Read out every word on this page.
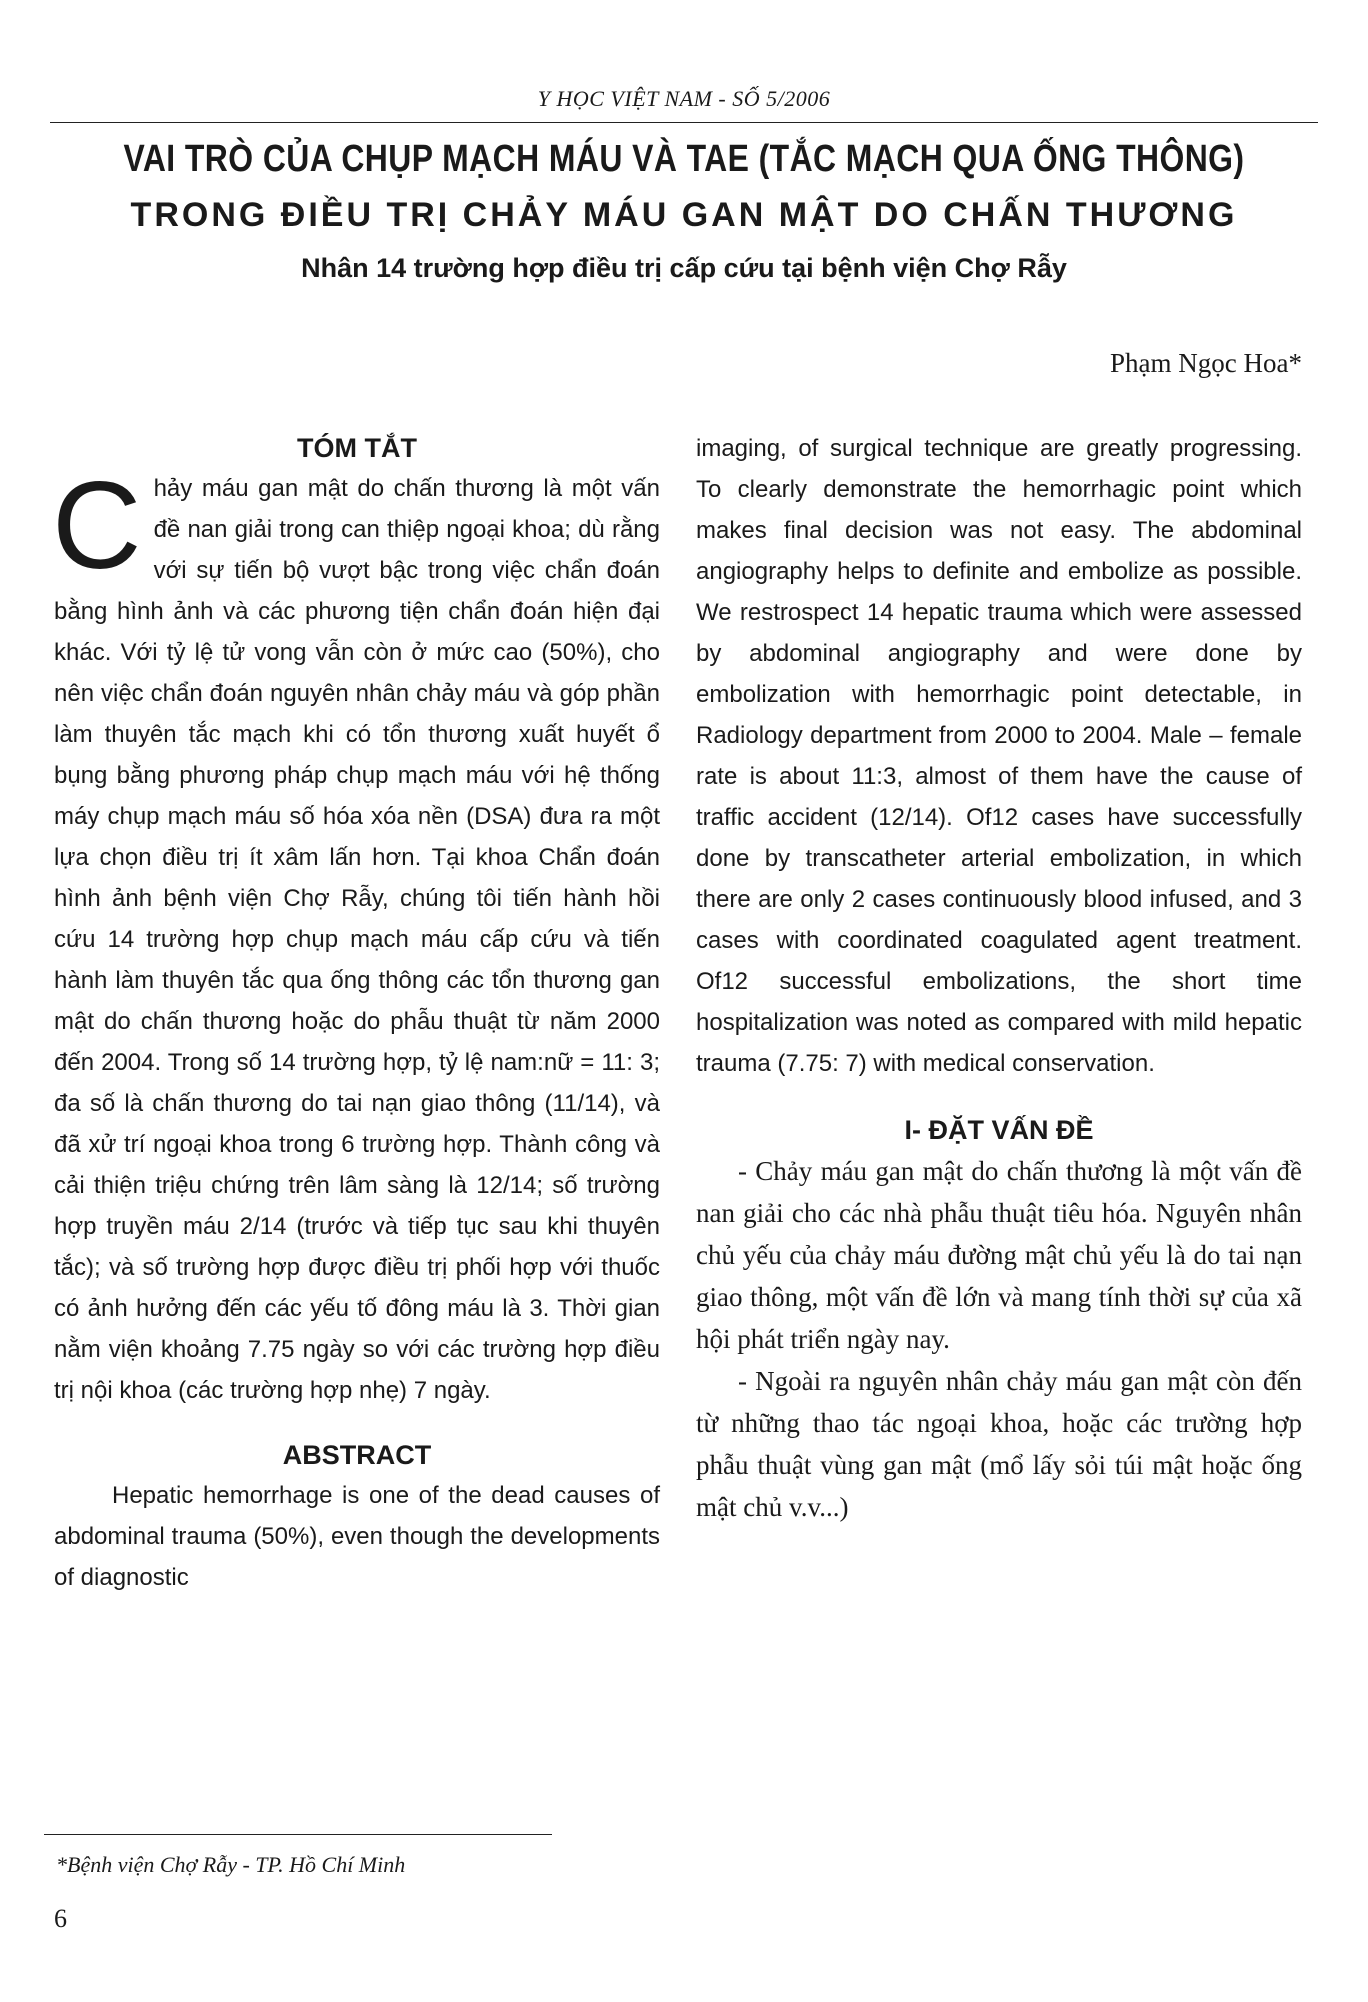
Y HỌC VIỆT NAM - SỐ 5/2006
VAI TRÒ CỦA CHỤP MẠCH MÁU VÀ TAE (TẮC MẠCH QUA ỐNG THÔNG)
TRONG ĐIỀU TRỊ CHẢY MÁU GAN MẬT DO CHẤN THƯƠNG
Nhân 14 trường hợp điều trị cấp cứu tại bệnh viện Chợ Rẫy
Phạm Ngọc Hoa*
TÓM TẮT

Chảy máu gan mật do chấn thương là một vấn đề nan giải trong can thiệp ngoại khoa; dù rằng với sự tiến bộ vượt bậc trong việc chẩn đoán bằng hình ảnh và các phương tiện chẩn đoán hiện đại khác. Với tỷ lệ tử vong vẫn còn ở mức cao (50%), cho nên việc chẩn đoán nguyên nhân chảy máu và góp phần làm thuyên tắc mạch khi có tổn thương xuất huyết ổ bụng bằng phương pháp chụp mạch máu với hệ thống máy chụp mạch máu số hóa xóa nền (DSA) đưa ra một lựa chọn điều trị ít xâm lấn hơn. Tại khoa Chẩn đoán hình ảnh bệnh viện Chợ Rẫy, chúng tôi tiến hành hồi cứu 14 trường hợp chụp mạch máu cấp cứu và tiến hành làm thuyên tắc qua ống thông các tổn thương gan mật do chấn thương hoặc do phẫu thuật từ năm 2000 đến 2004. Trong số 14 trường hợp, tỷ lệ nam:nữ = 11: 3; đa số là chấn thương do tai nạn giao thông (11/14), và đã xử trí ngoại khoa trong 6 trường hợp. Thành công và cải thiện triệu chứng trên lâm sàng là 12/14; số trường hợp truyền máu 2/14 (trước và tiếp tục sau khi thuyên tắc); và số trường hợp được điều trị phối hợp với thuốc có ảnh hưởng đến các yếu tố đông máu là 3. Thời gian nằm viện khoảng 7.75 ngày so với các trường hợp điều trị nội khoa (các trường hợp nhẹ) 7 ngày.

ABSTRACT

Hepatic hemorrhage is one of the dead causes of abdominal trauma (50%), even though the developments of diagnostic

imaging, of surgical technique are greatly progressing. To clearly demonstrate the hemorrhagic point which makes final decision was not easy. The abdominal angiography helps to definite and embolize as possible. We restrospect 14 hepatic trauma which were assessed by abdominal angiography and were done by embolization with hemorrhagic point detectable, in Radiology department from 2000 to 2004. Male – female rate is about 11:3, almost of them have the cause of traffic accident (12/14). Of12 cases have successfully done by transcatheter arterial embolization, in which there are only 2 cases continuously blood infused, and 3 cases with coordinated coagulated agent treatment. Of12 successful embolizations, the short time hospitalization was noted as compared with mild hepatic trauma (7.75: 7) with medical conservation.

I- ĐẶT VẤN ĐỀ

- Chảy máu gan mật do chấn thương là một vấn đề nan giải cho các nhà phẫu thuật tiêu hóa. Nguyên nhân chủ yếu của chảy máu đường mật chủ yếu là do tai nạn giao thông, một vấn đề lớn và mang tính thời sự của xã hội phát triển ngày nay.

- Ngoài ra nguyên nhân chảy máu gan mật còn đến từ những thao tác ngoại khoa, hoặc các trường hợp phẫu thuật vùng gan mật (mổ lấy sỏi túi mật hoặc ống mật chủ v.v...)

*Bệnh viện Chợ Rẫy - TP. Hồ Chí Minh
6
